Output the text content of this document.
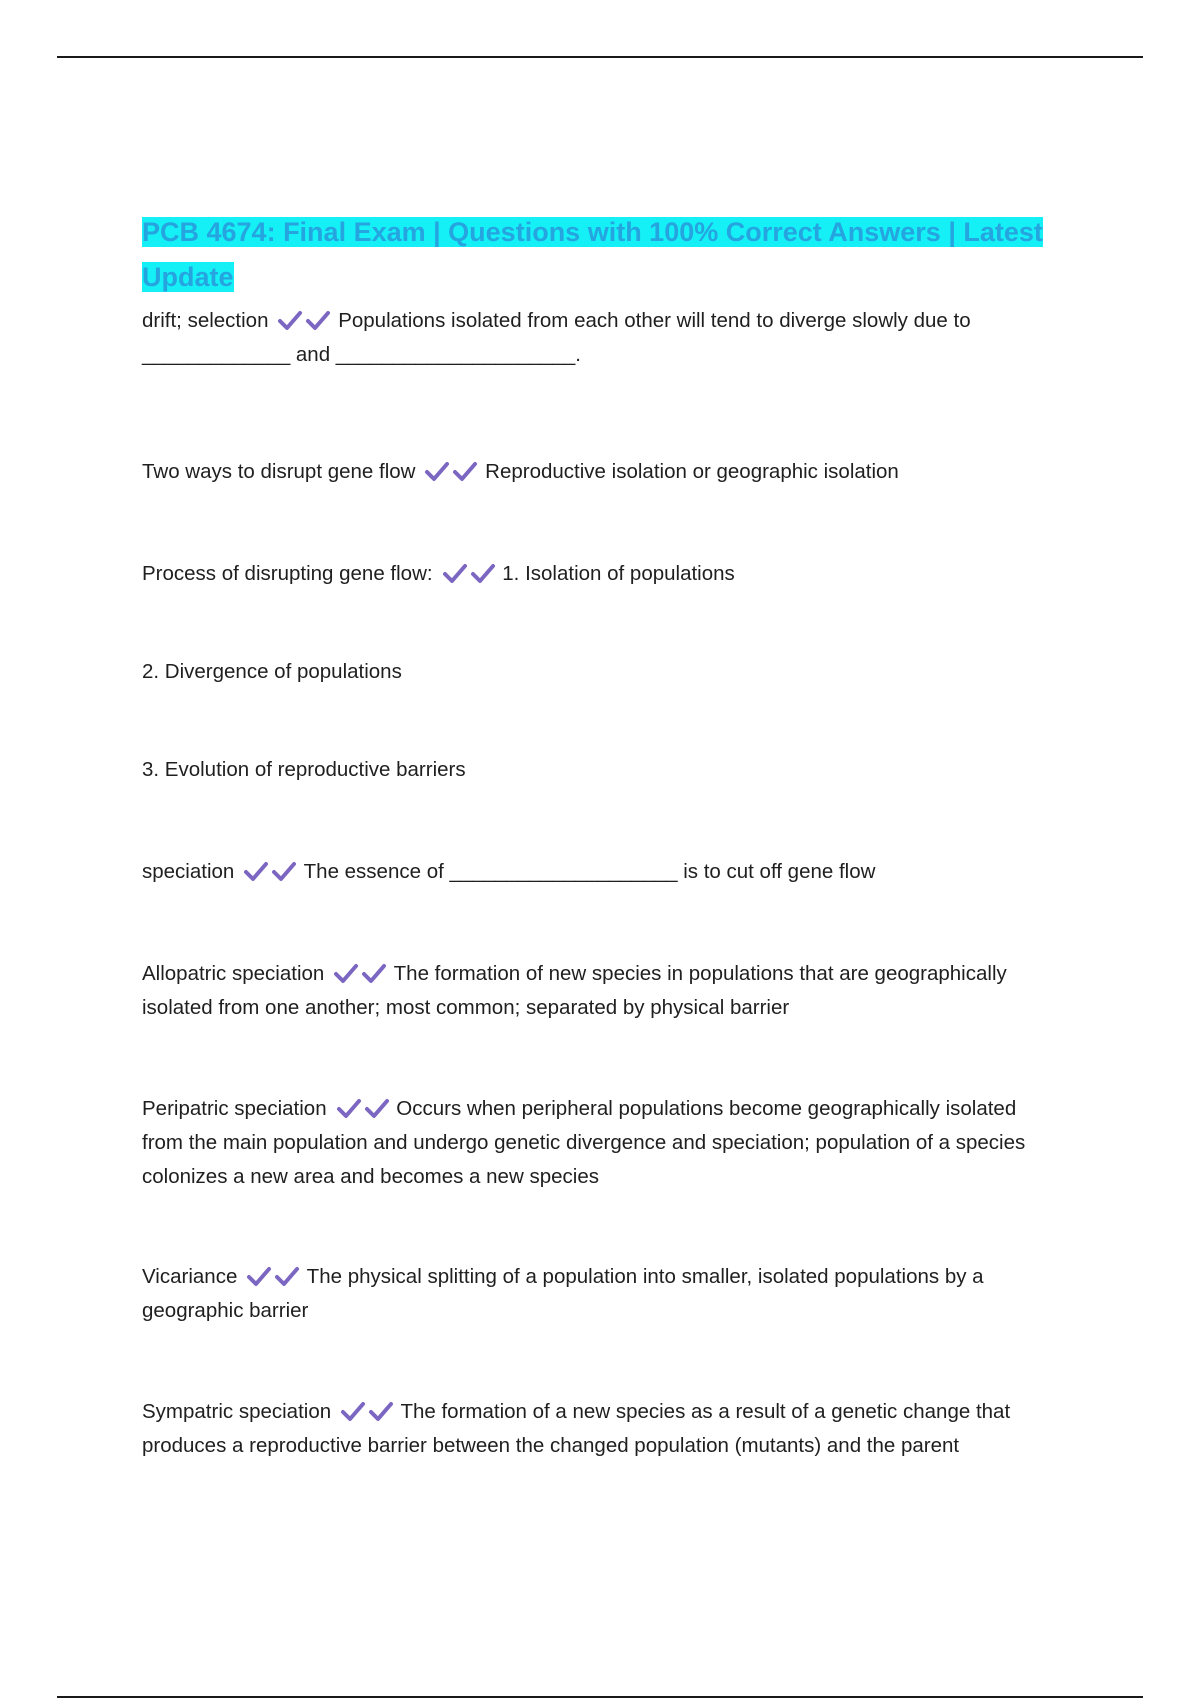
PCB 4674: Final Exam | Questions with 100% Correct Answers | Latest Update
drift; selection	Populations isolated from each other will tend to diverge slowly due to _____________ and _____________________.
Two ways to disrupt gene flow	Reproductive isolation or geographic isolation
Process of disrupting gene flow:	1. Isolation of populations
2. Divergence of populations
3. Evolution of reproductive barriers
speciation	The essence of ____________________ is to cut off gene flow
Allopatric speciation	The formation of new species in populations that are geographically isolated from one another; most common; separated by physical barrier
Peripatric speciation	Occurs when peripheral populations become geographically isolated from the main population and undergo genetic divergence and speciation; population of a species colonizes a new area and becomes a new species
Vicariance	The physical splitting of a population into smaller, isolated populations by a geographic barrier
Sympatric speciation	The formation of a new species as a result of a genetic change that produces a reproductive barrier between the changed population (mutants) and the parent
